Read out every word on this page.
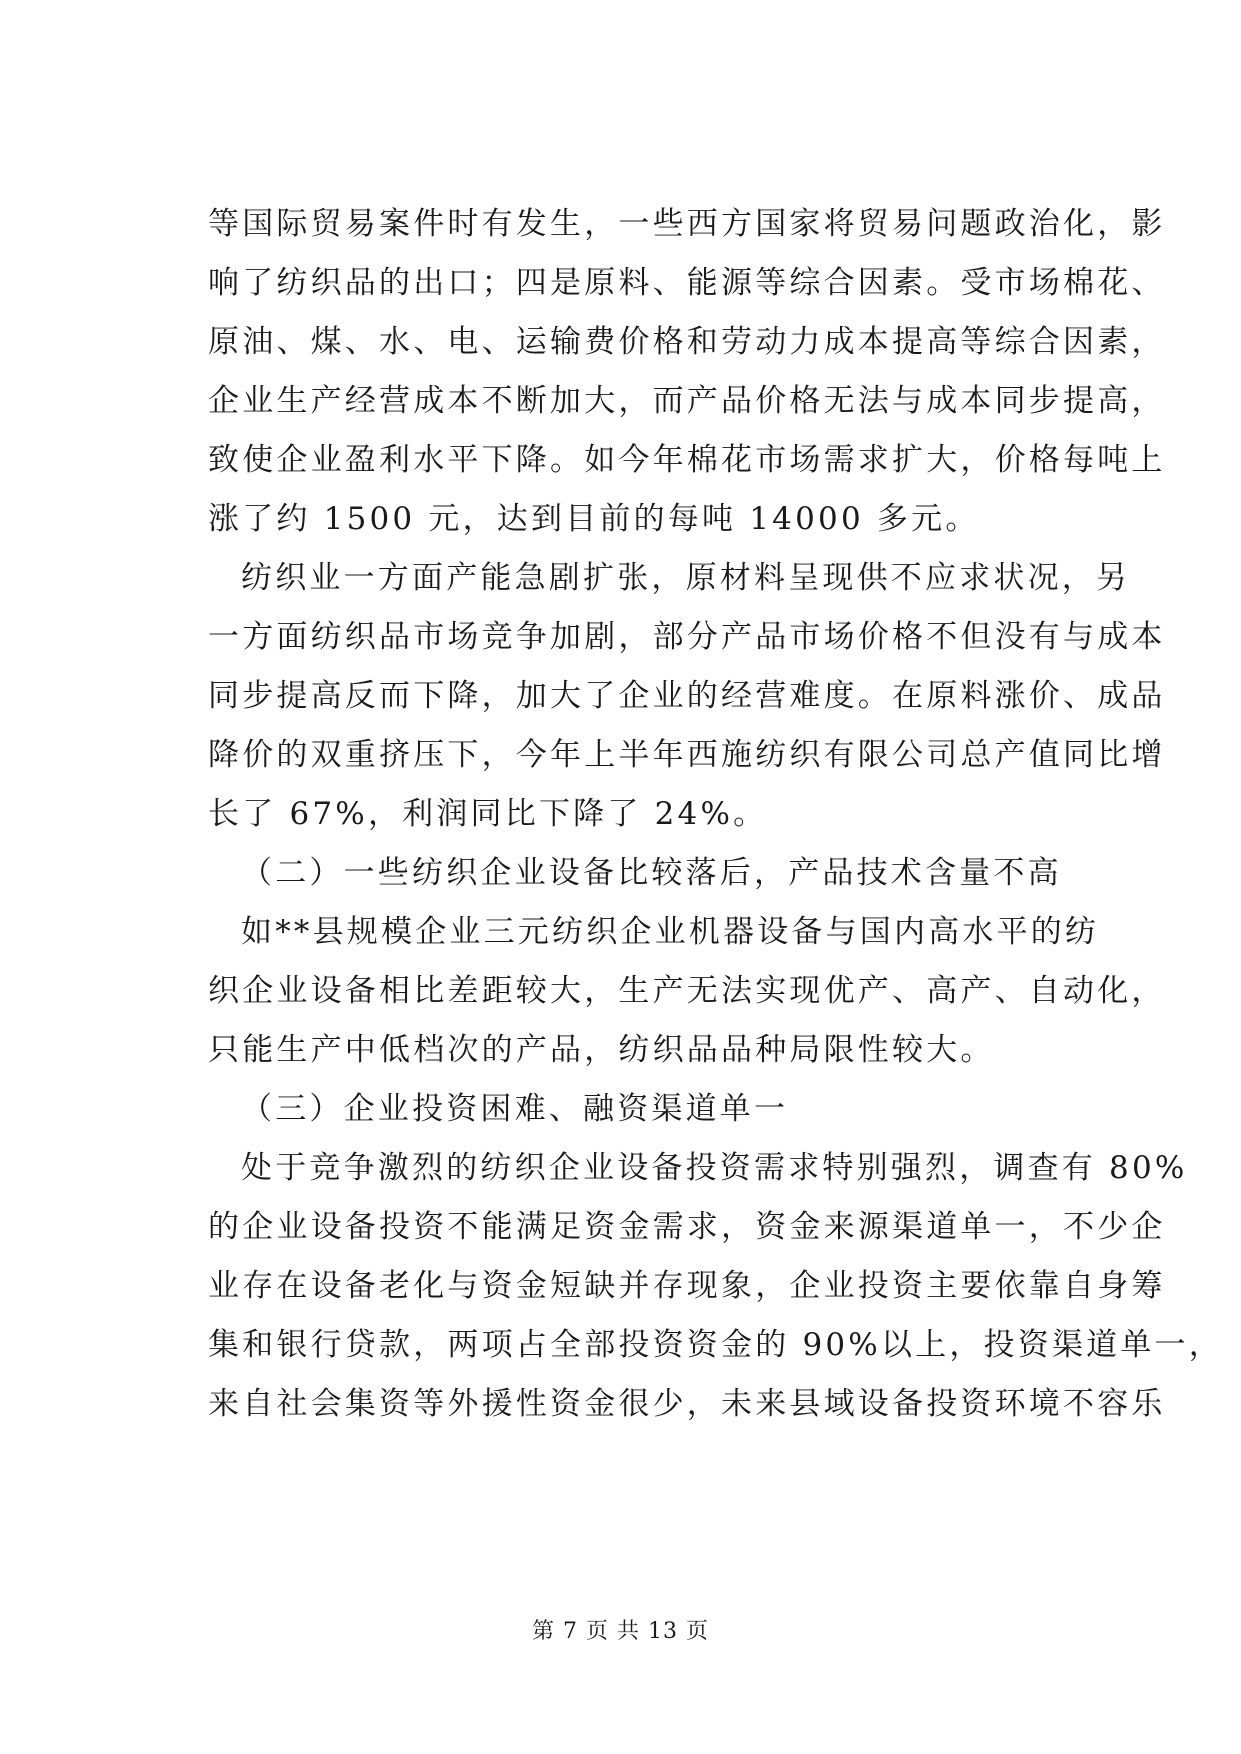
等国际贸易案件时有发生，一些西方国家将贸易问题政治化，影
响了纺织品的出口；四是原料、能源等综合因素。受市场棉花、
原油、煤、水、电、运输费价格和劳动力成本提高等综合因素，
企业生产经营成本不断加大，而产品价格无法与成本同步提高，
致使企业盈利水平下降。如今年棉花市场需求扩大，价格每吨上
涨了约 1500 元，达到目前的每吨 14000 多元。
纺织业一方面产能急剧扩张，原材料呈现供不应求状况，另
一方面纺织品市场竞争加剧，部分产品市场价格不但没有与成本
同步提高反而下降，加大了企业的经营难度。在原料涨价、成品
降价的双重挤压下，今年上半年西施纺织有限公司总产值同比增
长了 67%，利润同比下降了 24%。
（二）一些纺织企业设备比较落后，产品技术含量不高
如**县规模企业三元纺织企业机器设备与国内高水平的纺
织企业设备相比差距较大，生产无法实现优产、高产、自动化，
只能生产中低档次的产品，纺织品品种局限性较大。
（三）企业投资困难、融资渠道单一
处于竞争激烈的纺织企业设备投资需求特别强烈，调查有 80%
的企业设备投资不能满足资金需求，资金来源渠道单一，不少企
业存在设备老化与资金短缺并存现象，企业投资主要依靠自身筹
集和银行贷款，两项占全部投资资金的 90%以上，投资渠道单一，
来自社会集资等外援性资金很少，未来县域设备投资环境不容乐
第 7 页 共 13 页
